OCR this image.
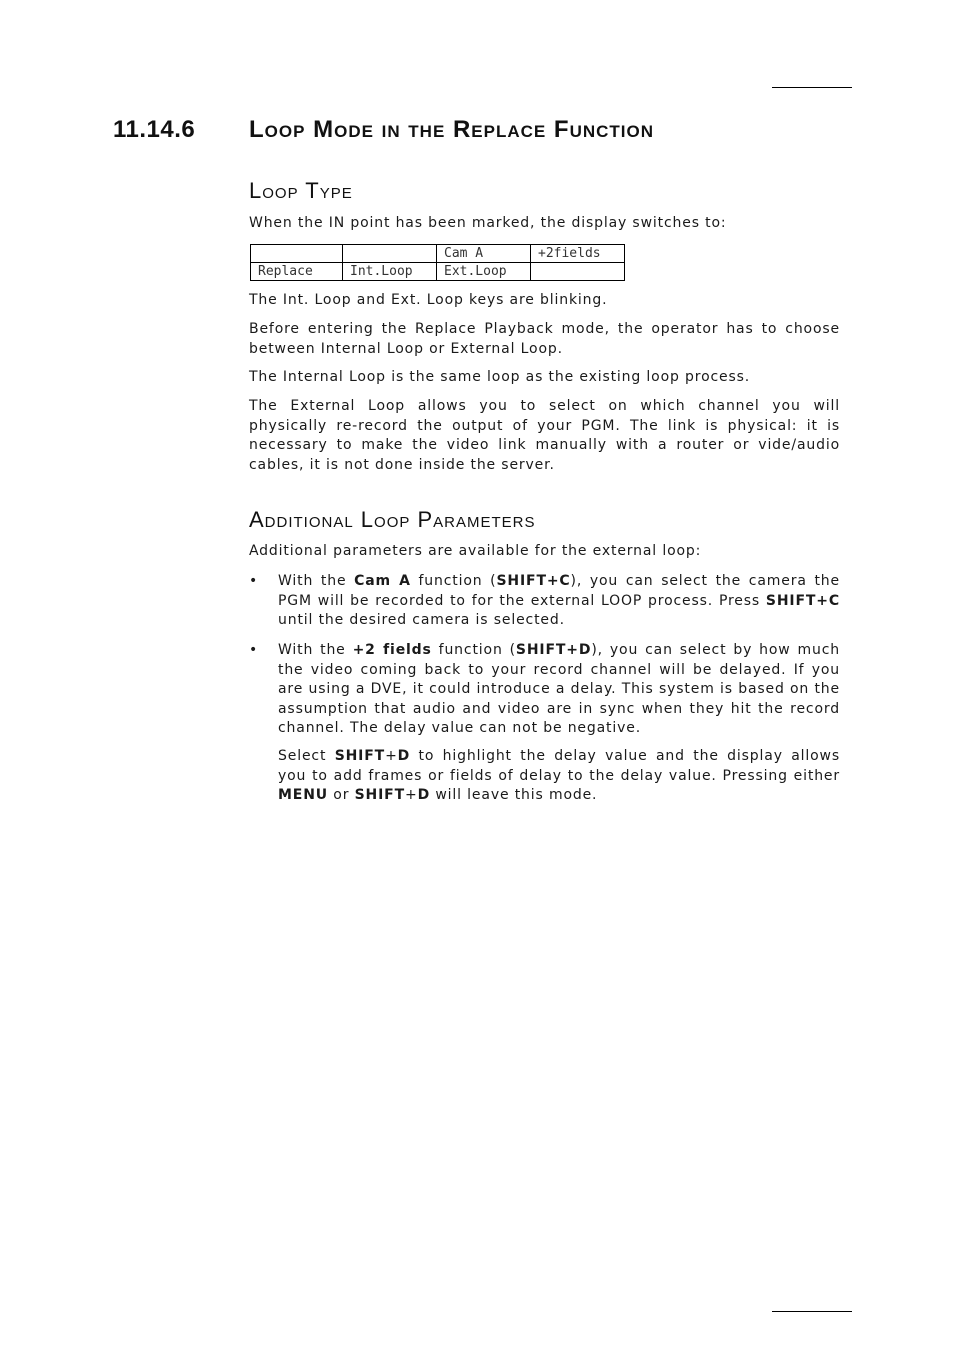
11.14.6 Loop Mode in the Replace Function
Loop Type

When the IN point has been marked, the display switches to:

		Cam A	+2fields
Replace	Int.Loop	Ext.Loop	

The Int. Loop and Ext. Loop keys are blinking.

Before entering the Replace Playback mode, the operator has to choose between Internal Loop or External Loop.

The Internal Loop is the same loop as the existing loop process.

The External Loop allows you to select on which channel you will physically re-record the output of your PGM. The link is physical: it is necessary to make the video link manually with a router or vide/audio cables, it is not done inside the server.

Additional Loop Parameters

Additional parameters are available for the external loop:

• With the Cam A function (SHIFT+C), you can select the camera the PGM will be recorded to for the external LOOP process. Press SHIFT+C until the desired camera is selected.
• With the +2 fields function (SHIFT+D), you can select by how much the video coming back to your record channel will be delayed. If you are using a DVE, it could introduce a delay. This system is based on the assumption that audio and video are in sync when they hit the record channel. The delay value can not be negative.

Select SHIFT+D to highlight the delay value and the display allows you to add frames or fields of delay to the delay value. Pressing either MENU or SHIFT+D will leave this mode.
